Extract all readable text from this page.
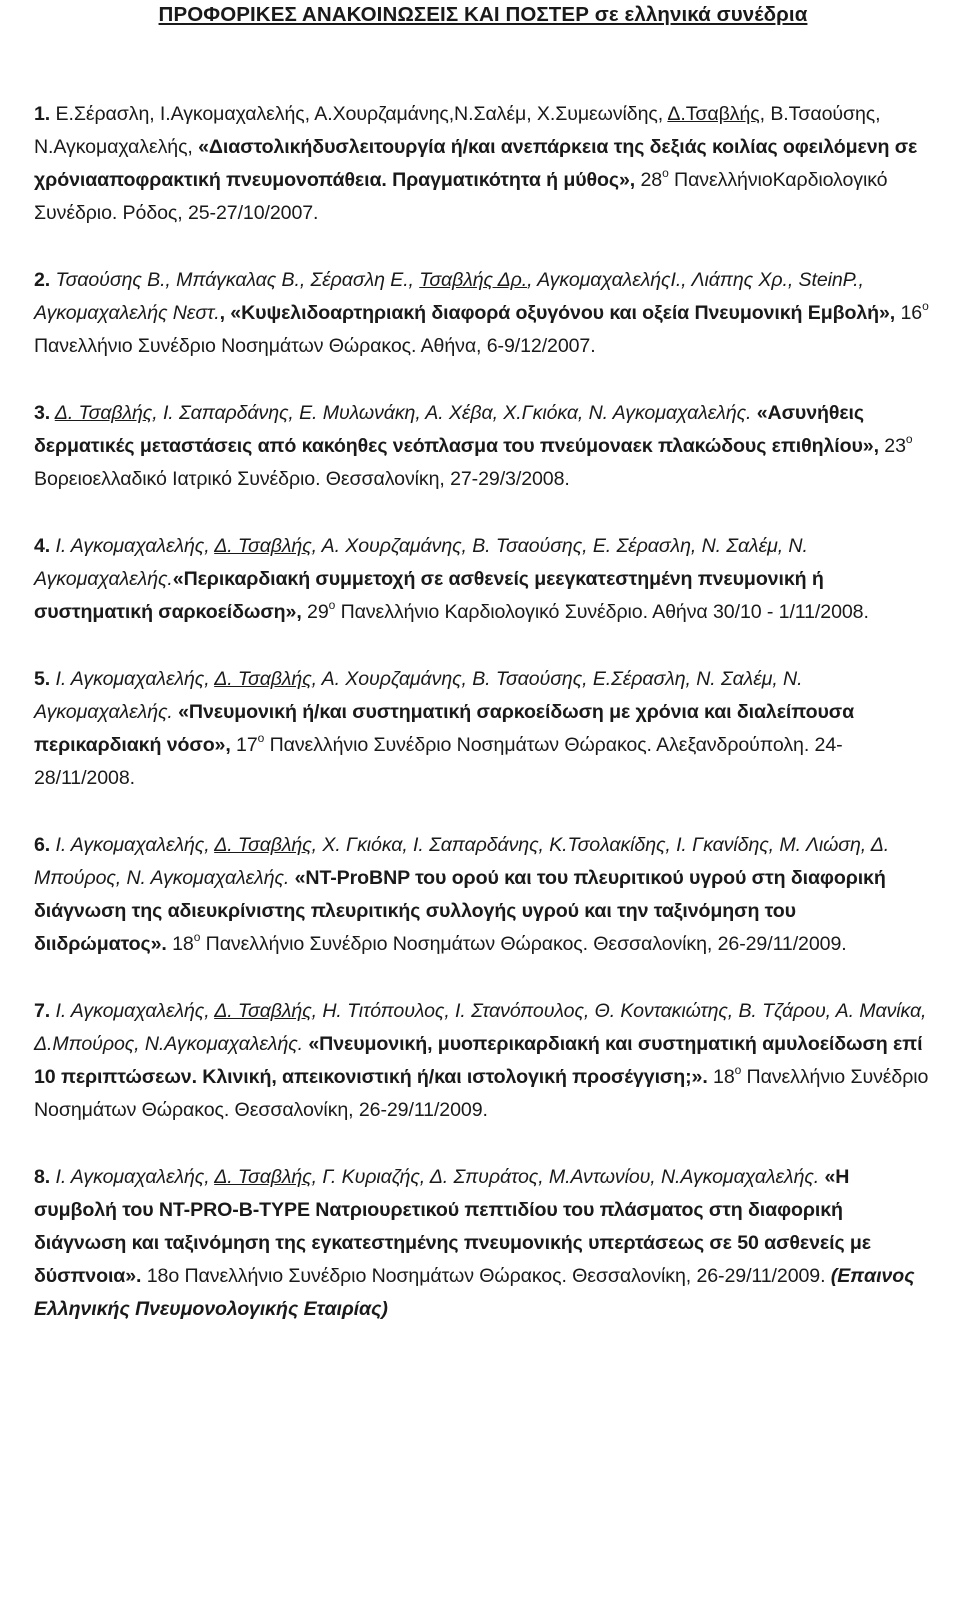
ΠΡΟΦΟΡΙΚΕΣ ΑΝΑΚΟΙΝΩΣΕΙΣ ΚΑΙ ΠΟΣΤΕΡ σε ελληνικά συνέδρια

1. Ε.Σέρασλη, Ι.Αγκομαχαλελής, Α.Χουρζαμάνης,Ν.Σαλέμ, Χ.Συμεωνίδης, Δ.Τσαβλής, Β.Τσαούσης, Ν.Αγκομαχαλελής, «Διαστολικήδυσλειτουργία ή/και ανεπάρκεια της δεξιάς κοιλίας οφειλόμενη σε χρόνιααποφρακτική πνευμονοπάθεια. Πραγματικότητα ή μύθος», $28^o$ ΠανελλήνιοΚαρδιολογικό Συνέδριο. Ρόδος, 25-27/10/2007.

2. Τσαούσης Β., Μπάγκαλας Β., Σέρασλη Ε., Τσαβλής Δρ., ΑγκομαχαλελήςΙ., Λιάπης Χρ., SteinP., Αγκομαχαλελής Νεστ., «Κυψελιδοαρτηριακή διαφορά οξυγόνου και οξεία Πνευμονική Εμβολή», $16^o$ Πανελλήνιο Συνέδριο Νοσημάτων Θώρακος. Αθήνα, 6-9/12/2007.

3. Δ. Τσαβλής, Ι. Σαπαρδάνης, Ε. Μυλωνάκη, Α. Χέβα, Χ.Γκιόκα, Ν. Αγκομαχαλελής. «Ασυνήθεις δερματικές μεταστάσεις από κακόηθες νεόπλασμα του πνεύμοναεκ πλακώδους επιθηλίου», $23^o$ Βορειοελλαδικό Ιατρικό Συνέδριο. Θεσσαλονίκη, 27-29/3/2008.

4. Ι. Αγκομαχαλελής, Δ. Τσαβλής, Α. Χουρζαμάνης, Β. Τσαούσης, Ε. Σέρασλη, Ν. Σαλέμ, Ν. Αγκομαχαλελής.«Περικαρδιακή συμμετοχή σε ασθενείς μεεγκατεστημένη πνευμονική ή συστηματική σαρκοείδωση», $29^o$ Πανελλήνιο Καρδιολογικό Συνέδριο. Αθήνα 30/10 - 1/11/2008.

5. Ι. Αγκομαχαλελής, Δ. Τσαβλής, Α. Χουρζαμάνης, Β. Τσαούσης, Ε.Σέρασλη, Ν. Σαλέμ, Ν. Αγκομαχαλελής. «Πνευμονική ή/και συστηματική σαρκοείδωση με χρόνια και διαλείπουσα περικαρδιακή νόσο», $17^o$ Πανελλήνιο Συνέδριο Νοσημάτων Θώρακος. Αλεξανδρούπολη. 24-28/11/2008.

6. Ι. Αγκομαχαλελής, Δ. Τσαβλής, Χ. Γκιόκα, Ι. Σαπαρδάνης, Κ.Τσολακίδης, Ι. Γκανίδης, Μ. Λιώση, Δ. Μπούρος, Ν. Αγκομαχαλελής. «NT-ProBNP του ορού και του πλευριτικού υγρού στη διαφορική διάγνωση της αδιευκρίνιστης πλευριτικής συλλογής υγρού και την ταξινόμηση του διιδρώματος». $18^o$ Πανελλήνιο Συνέδριο Νοσημάτων Θώρακος. Θεσσαλονίκη, 26-29/11/2009.

7. Ι. Αγκομαχαλελής, Δ. Τσαβλής, Η. Τιτόπουλος, Ι. Στανόπουλος, Θ. Κοντακιώτης, Β. Τζάρου, Α. Μανίκα, Δ.Μπούρος, Ν.Αγκομαχαλελής. «Πνευμονική, μυοπερικαρδιακή και συστηματική αμυλοείδωση επί 10 περιπτώσεων. Κλινική, απεικονιστική ή/και ιστολογική προσέγγιση;». $18^o$ Πανελλήνιο Συνέδριο Νοσημάτων Θώρακος. Θεσσαλονίκη, 26-29/11/2009.

8. Ι. Αγκομαχαλελής, Δ. Τσαβλής, Γ. Κυριαζής, Δ. Σπυράτος, Μ.Αντωνίου, Ν.Αγκομαχαλελής. «Η συμβολή του NT-PRO-B-TYPE Νατριουρετικού πεπτιδίου του πλάσματος στη διαφορική διάγνωση και ταξινόμηση της εγκατεστημένης πνευμονικής υπερτάσεως σε 50 ασθενείς με δύσπνοια». 18ο Πανελλήνιο Συνέδριο Νοσημάτων Θώρακος. Θεσσαλονίκη, 26-29/11/2009. (Επαινος Ελληνικής Πνευμονολογικής Εταιρίας)
